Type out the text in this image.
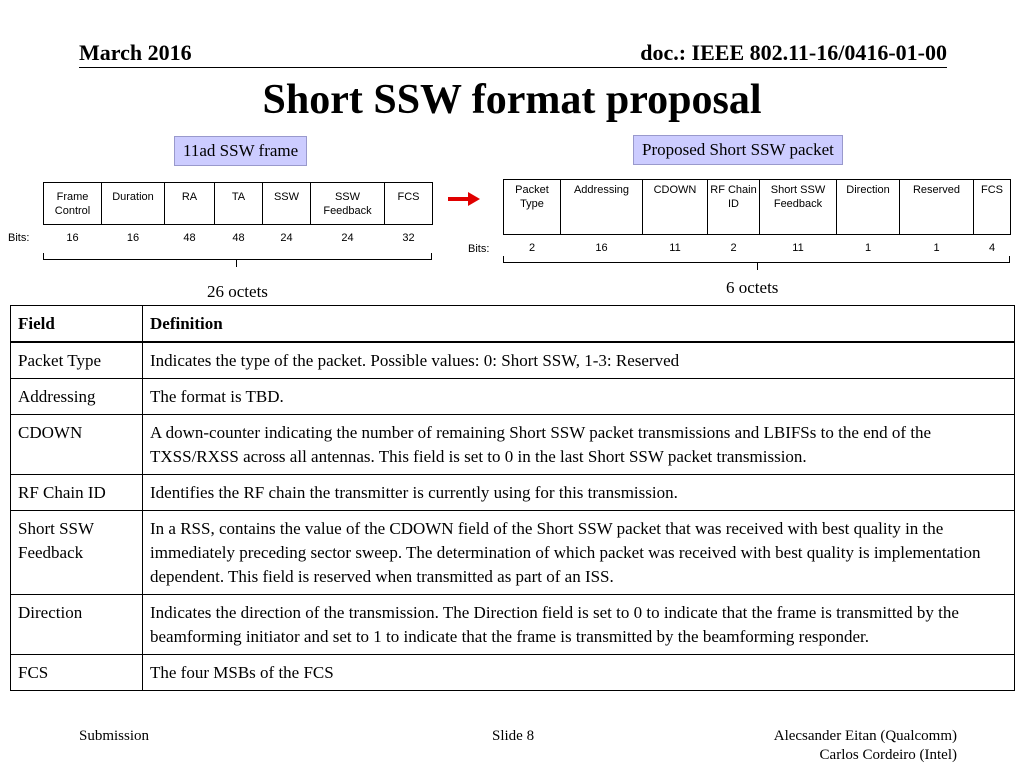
March 2016	doc.: IEEE 802.11-16/0416-01-00
Short SSW format proposal
11ad SSW frame
Bits:
Frame Control	Duration	RA	TA	SSW	SSW Feedback	FCS
16	16	48	48	24	24	32
26 octets
Proposed Short SSW packet
Bits:
Packet Type	Addressing	CDOWN	RF Chain ID	Short SSW Feedback	Direction	Reserved	FCS
2	16	11	2	11	1	1	4
6 octets
Field	Definition
Packet Type	Indicates the type of the packet. Possible values: 0: Short SSW, 1-3: Reserved
Addressing	The format is TBD.
CDOWN	A down-counter indicating the number of remaining Short SSW packet transmissions and LBIFSs to the end of the TXSS/RXSS across all antennas. This field is set to 0 in the last Short SSW packet transmission.
RF Chain ID	Identifies the RF chain the transmitter is currently using for this transmission.
Short SSW Feedback	In a RSS, contains the value of the CDOWN field of the Short SSW packet that was received with best quality in the immediately preceding sector sweep. The determination of which packet was received with best quality is implementation dependent. This field is reserved when transmitted as part of an ISS.
Direction	Indicates the direction of the transmission. The Direction field is set to 0 to indicate that the frame is transmitted by the beamforming initiator and set to 1 to indicate that the frame is transmitted by the beamforming responder.
FCS	The four MSBs of the FCS
Submission	Slide 8	Alecsander Eitan (Qualcomm)
Carlos Cordeiro (Intel)
